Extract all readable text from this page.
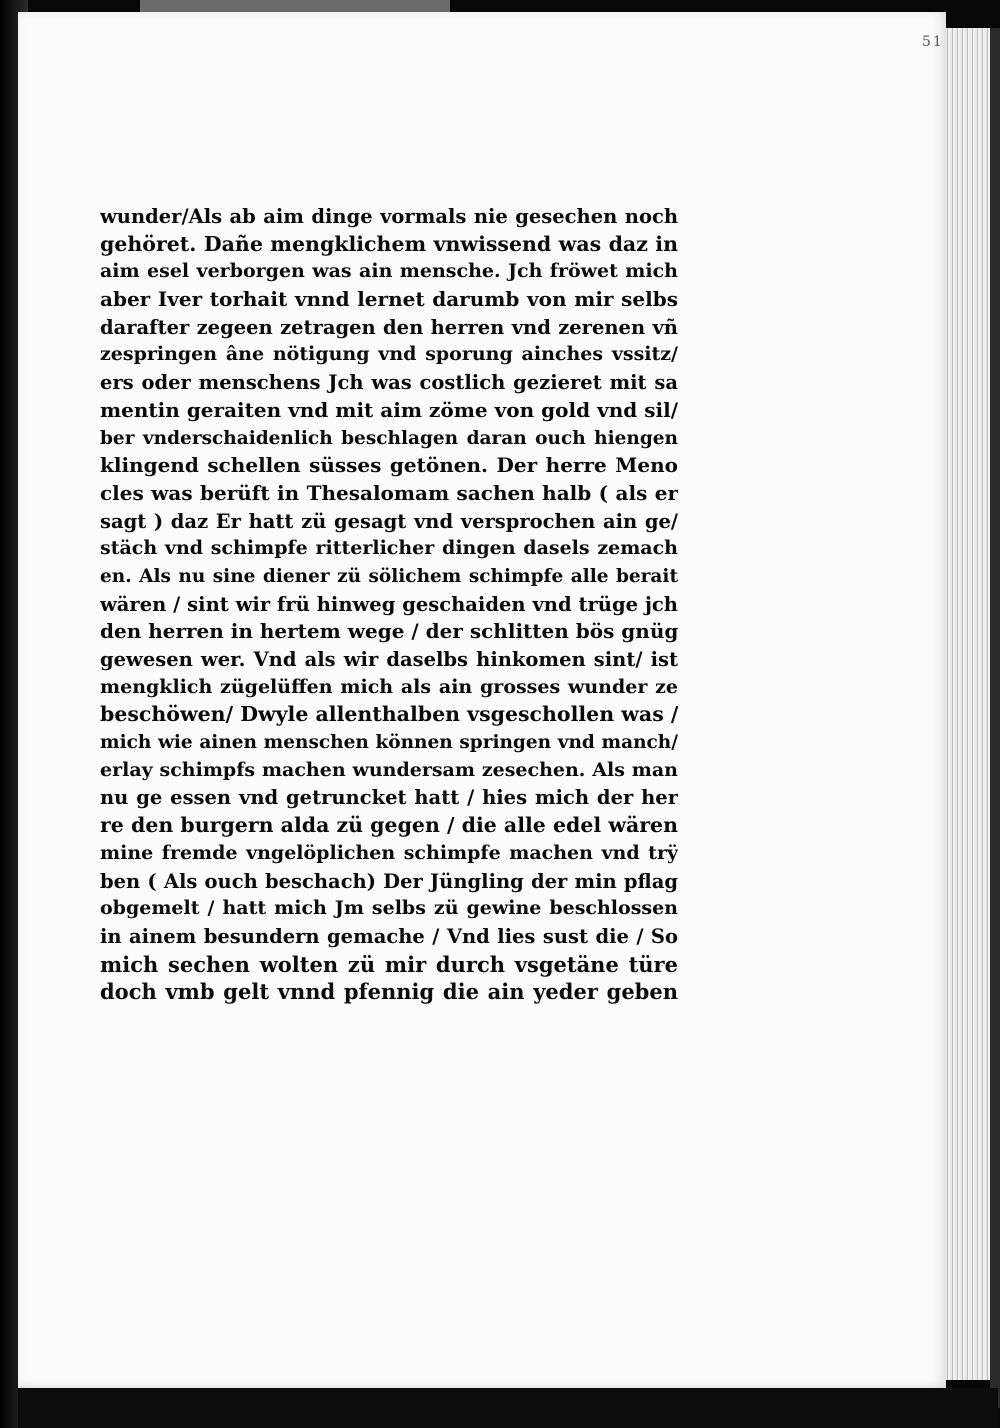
51
wunder/Als ab aim dinge vormals nie gesechen noch
gehöret. Dañe mengklichem vnwissend was daz in
aim esel verborgen was ain mensche. Jch fröwet mich
aber Iver torhait vnnd lernet darumb von mir selbs
darafter zegeen zetragen den herren vnd zerenen vñ
zespringen âne nötigung vnd sporung ainches vssitz/
ers oder menschens Jch was costlich gezieret mit sa
mentin geraiten vnd mit aim zöme von gold vnd sil/
ber vnderschaidenlich beschlagen daran ouch hiengen
klingend schellen süsses getönen. Der herre Meno
cles was berüft in Thesalomam sachen halb ( als er
sagt ) daz Er hatt zü gesagt vnd versprochen ain ge/
stäch vnd schimpfe ritterlicher dingen dasels zemach
en. Als nu sine diener zü sölichem schimpfe alle berait
wären / sint wir frü hinweg geschaiden vnd trüge jch
den herren in hertem wege / der schlitten bös gnüg
gewesen wer. Vnd als wir daselbs hinkomen sint/ ist
mengklich zügelüffen mich als ain grosses wunder ze
beschöwen/ Dwyle allenthalben vsgeschollen was /
mich wie ainen menschen können springen vnd manch/
erlay schimpfs machen wundersam zesechen. Als man
nu ge essen vnd getruncket hatt / hies mich der her
re den burgern alda zü gegen / die alle edel wären
mine fremde vngelöplichen schimpfe machen vnd trÿ
ben ( Als ouch beschach) Der Jüngling der min pflag
obgemelt / hatt mich Jm selbs zü gewine beschlossen
in ainem besundern gemache / Vnd lies sust die / So
mich sechen wolten zü mir durch vsgetäne türe
doch vmb gelt vnnd pfennig die ain yeder geben
